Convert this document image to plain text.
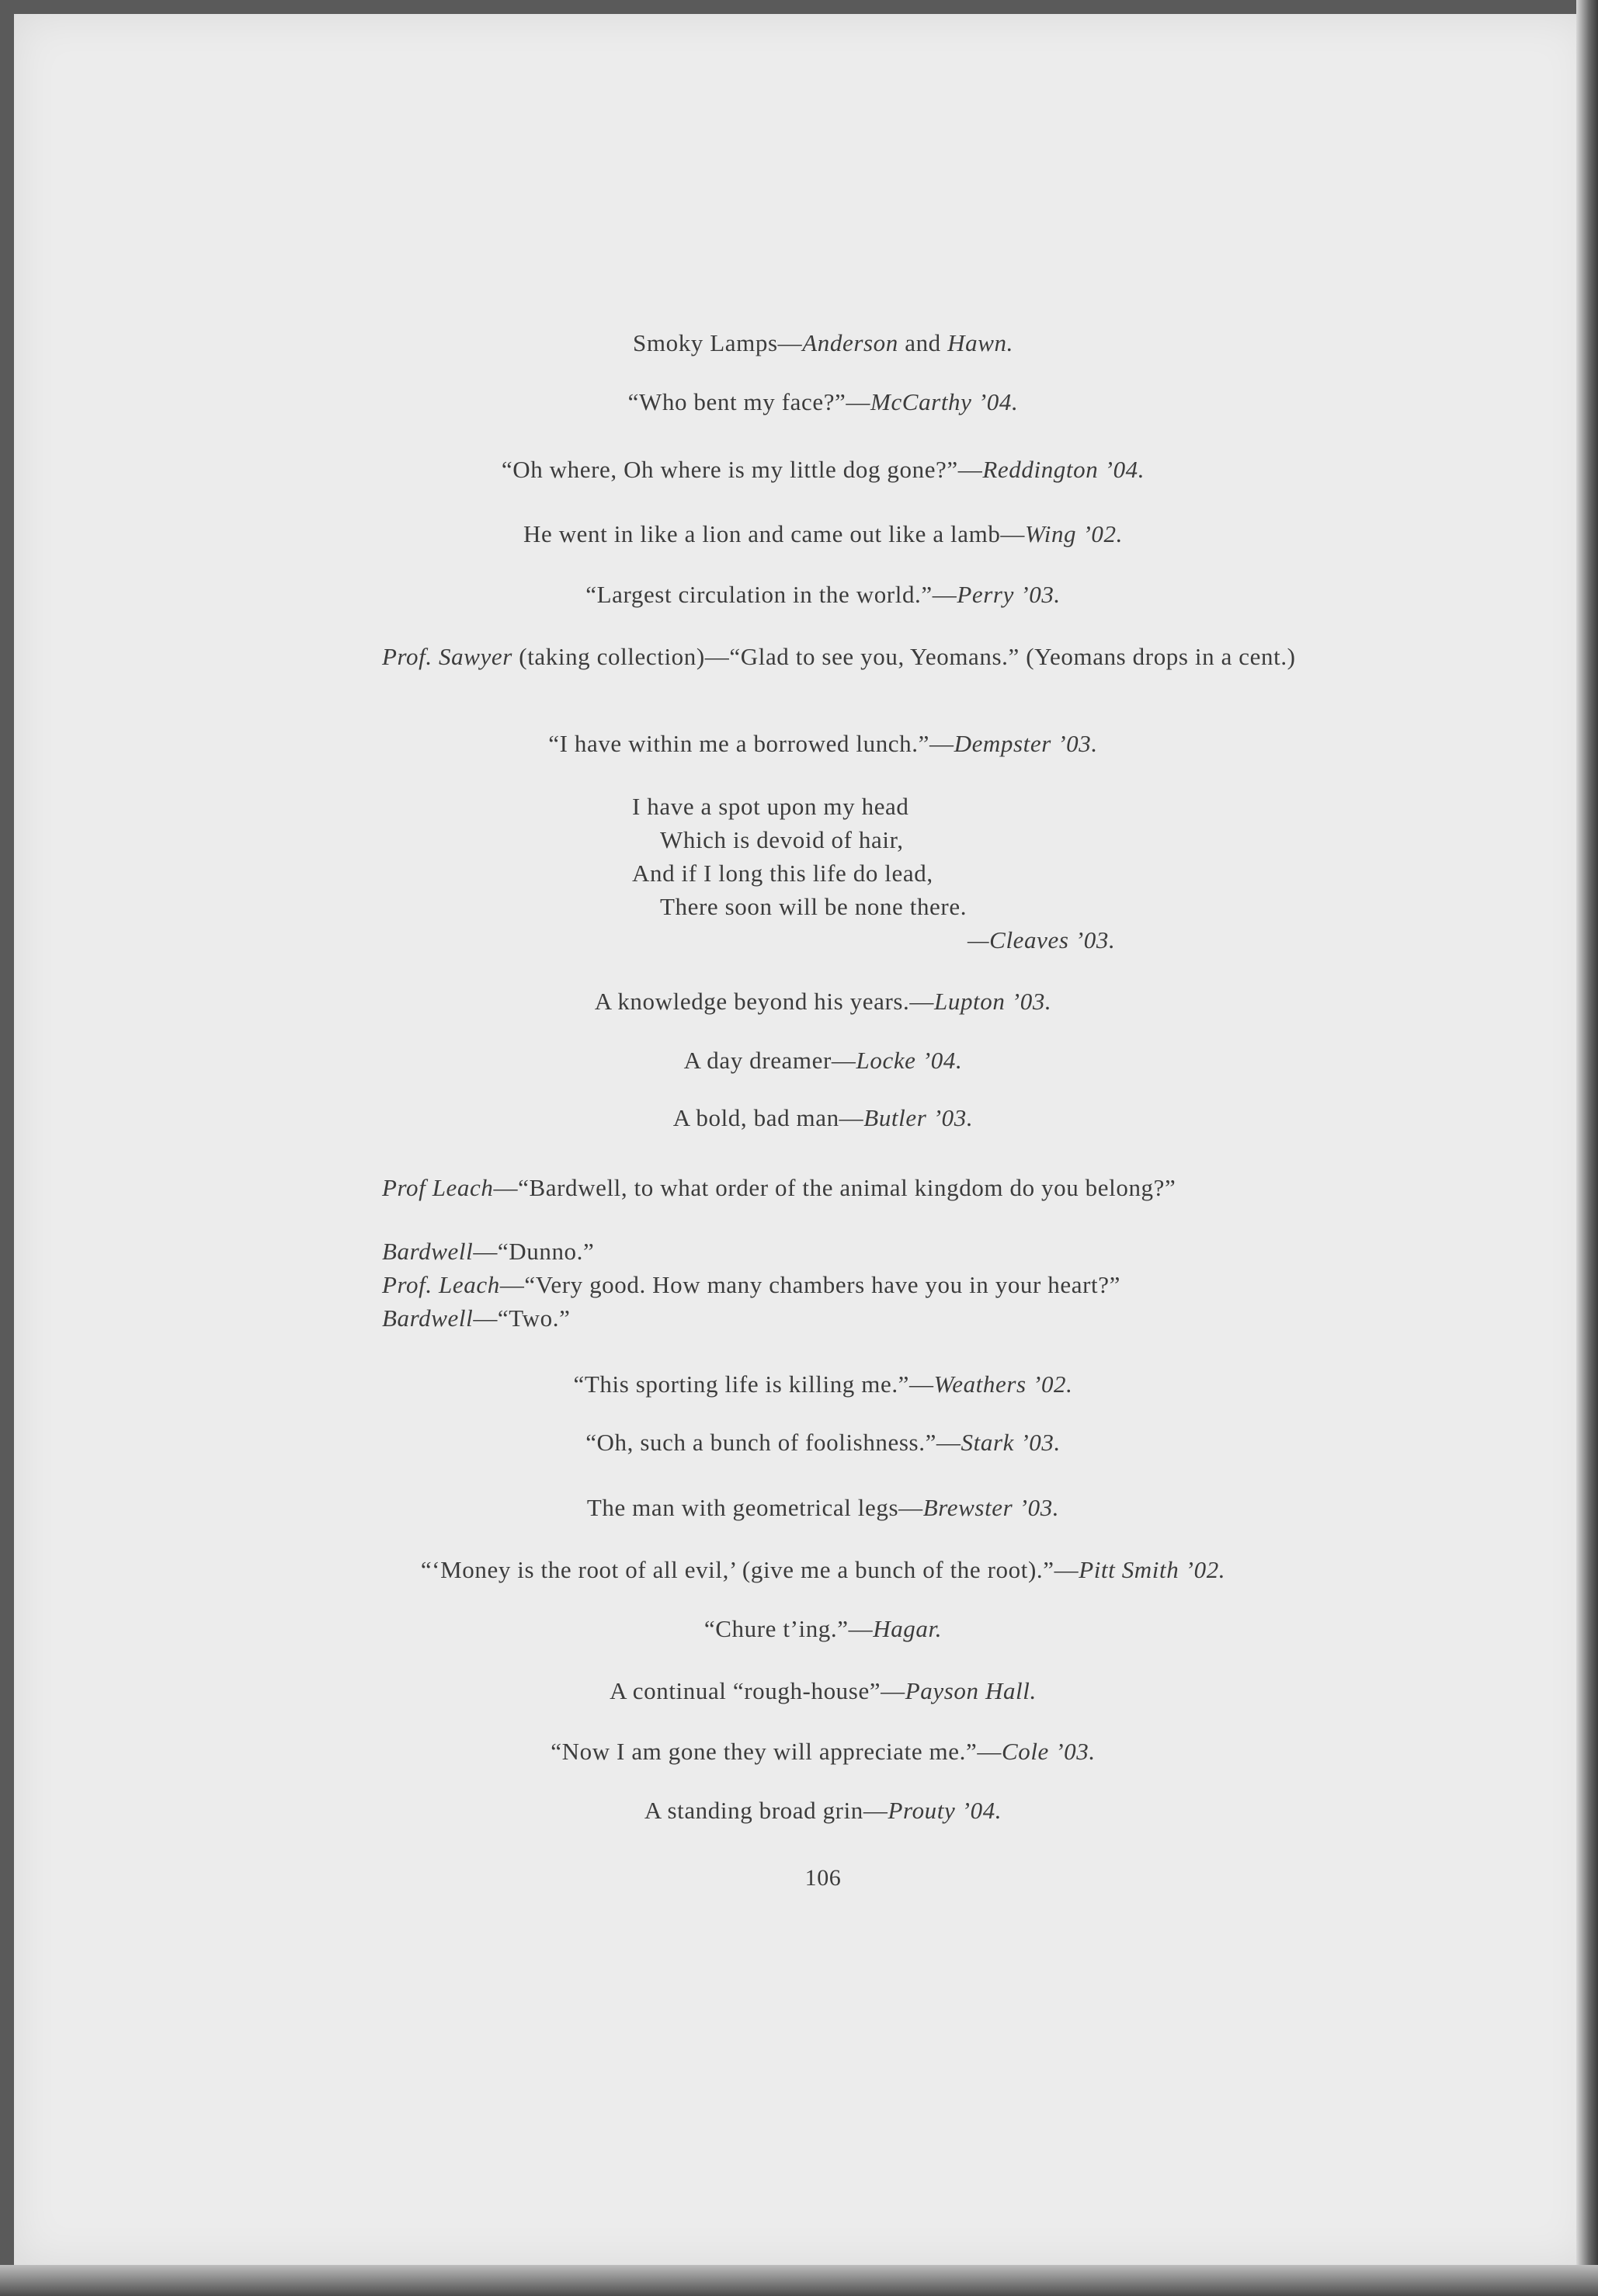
Smoky Lamps—Anderson and Hawn.
“Who bent my face?”—McCarthy ’04.
“Oh where, Oh where is my little dog gone?”—Reddington ’04.
He went in like a lion and came out like a lamb—Wing ’02.
“Largest circulation in the world.”—Perry ’03.
Prof. Sawyer (taking collection)—“Glad to see you, Yeomans.” (Yeomans drops in a cent.)
“I have within me a borrowed lunch.”—Dempster ’03.
I have a spot upon my head
Which is devoid of hair,
And if I long this life do lead,
There soon will be none there.
—Cleaves ’03.
A knowledge beyond his years.—Lupton ’03.
A day dreamer—Locke ’04.
A bold, bad man—Butler ’03.
Prof Leach—“Bardwell, to what order of the animal kingdom do you belong?”
Bardwell—“Dunno.”
Prof. Leach—“Very good. How many chambers have you in your heart?”
Bardwell—“Two.”
“This sporting life is killing me.”—Weathers ’02.
“Oh, such a bunch of foolishness.”—Stark ’03.
The man with geometrical legs—Brewster ’03.
“‘Money is the root of all evil,’ (give me a bunch of the root).”—Pitt Smith ’02.
“Chure t’ing.”—Hagar.
A continual “rough-house”—Payson Hall.
“Now I am gone they will appreciate me.”—Cole ’03.
A standing broad grin—Prouty ’04.
106
